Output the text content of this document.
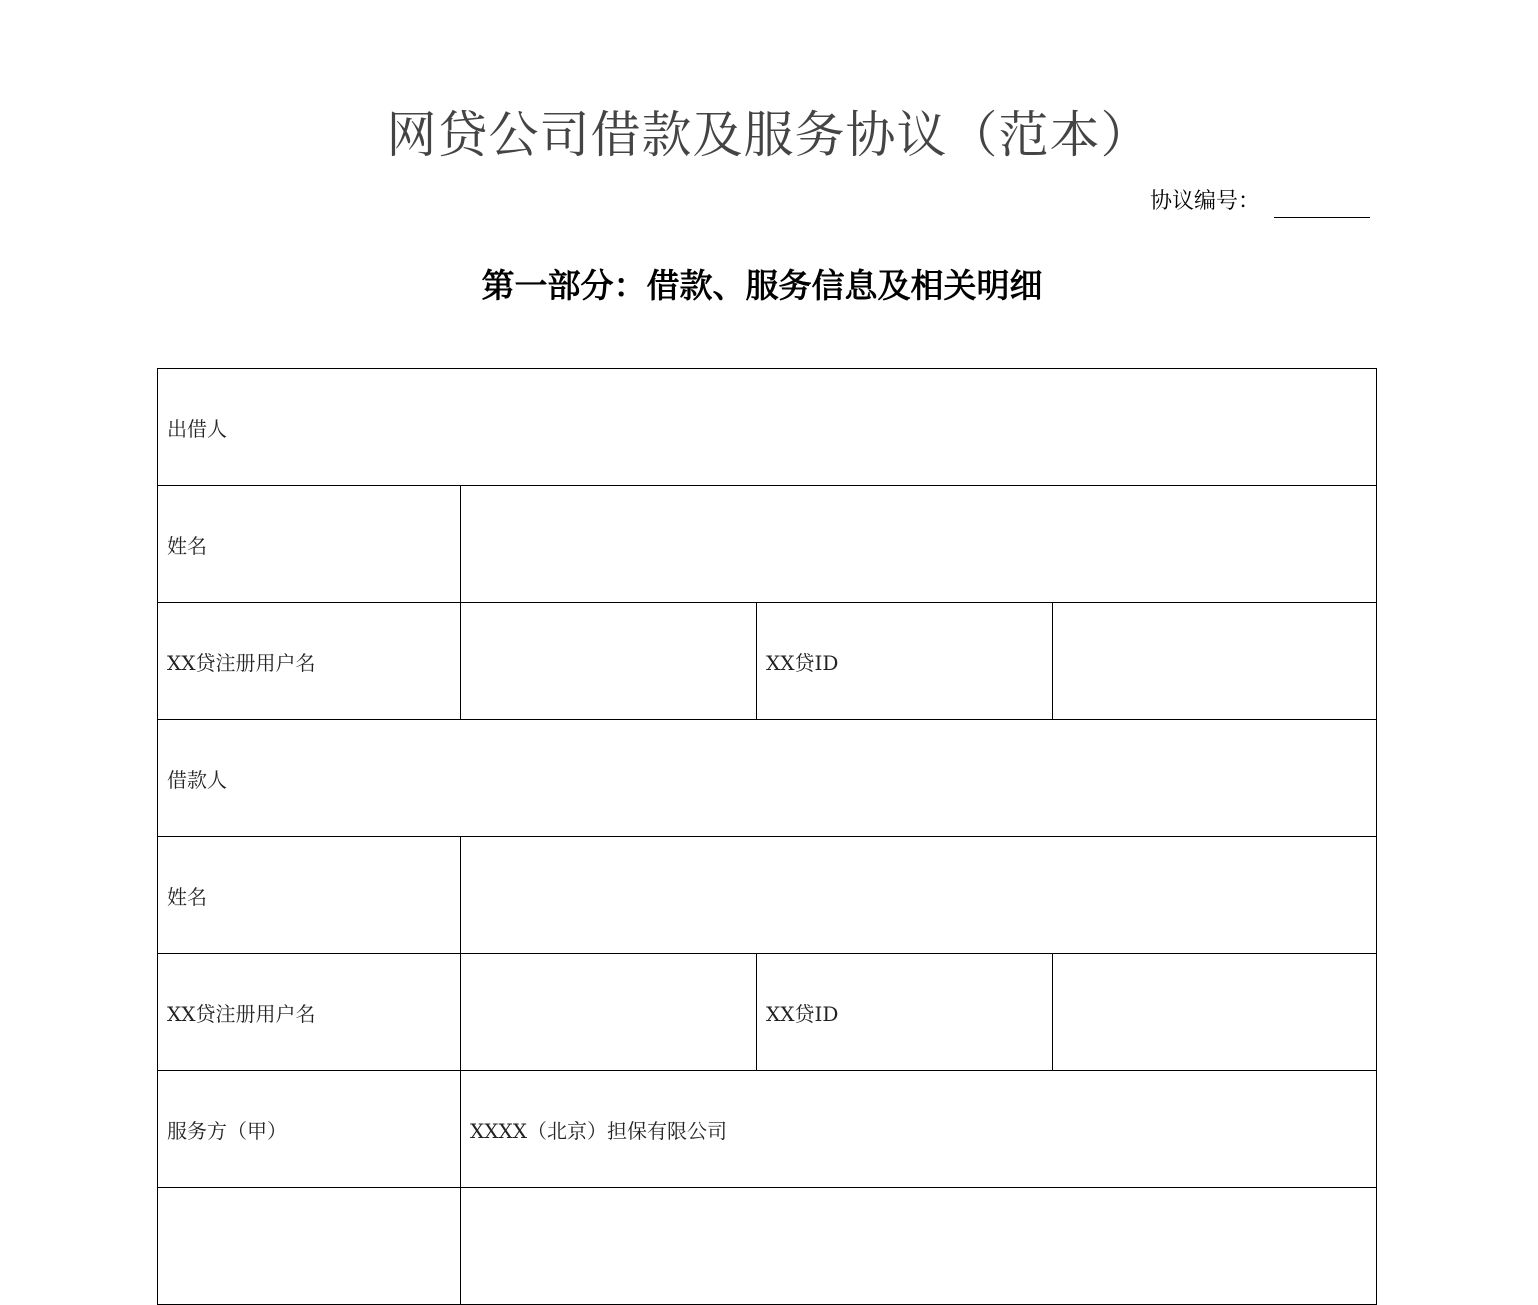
网贷公司借款及服务协议（范本）
协议编号：
第一部分：借款、服务信息及相关明细
出借人			
姓名			
XX贷注册用户名		XX贷ID	
借款人			
姓名			
XX贷注册用户名		XX贷ID	
服务方（甲）	XXXX（北京）担保有限公司		
